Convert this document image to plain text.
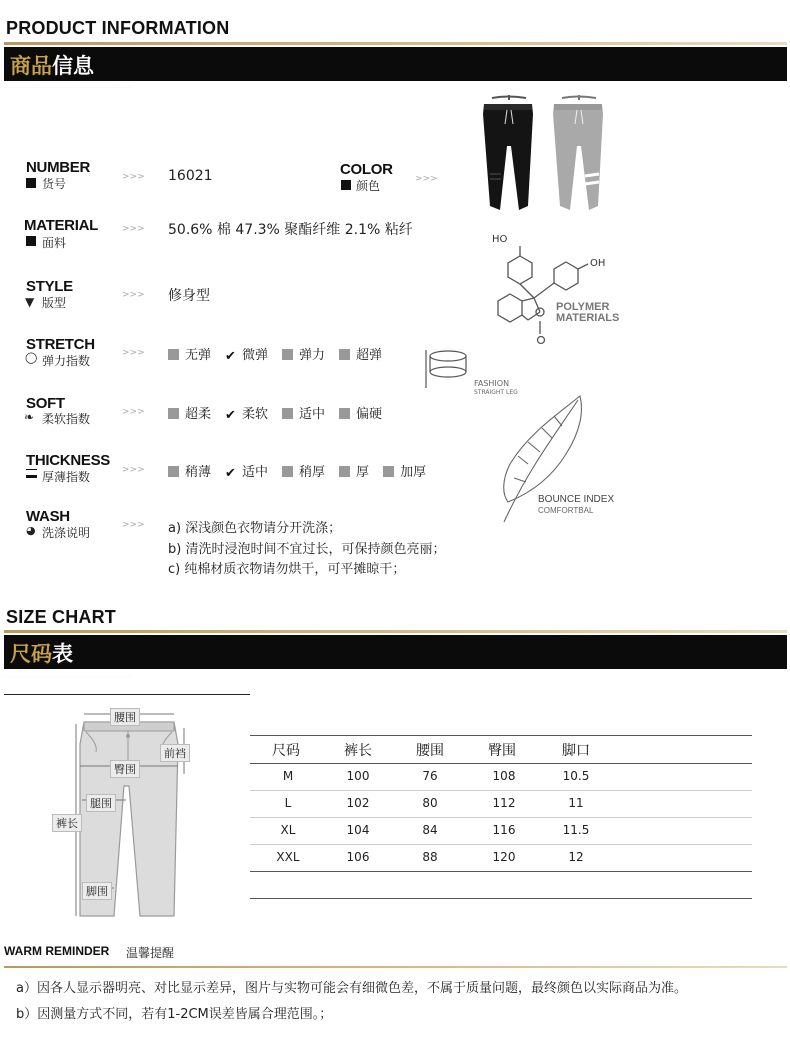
PRODUCT INFORMATION
商品信息
· · · · · · · · · · · · · · · · · · · · · · · · · · · · · · · · · · · · · · · · · · · · · · · · · · · · · · · · · · · · · · · · · · ·
NUMBER
货号	>>> 16021	COLOR
颜色	>>>
MATERIAL
面料
>>> 50.6% 棉 47.3% 聚酯纤维 2.1% 粘纤
HO
OH
POLYMER
MATERIALS
STYLE
▼ 版型
>>> 修身型
STRETCH
◯ 弹力指数
>>>	无弹 ✔ 微弹 弹力 超弹
FASHION
STRAIGHT LEG
SOFT
❧ 柔软指数	>>>	超柔 ✔ 柔软 适中 偏硬
BOUNCE INDEX
COMFORTBAL
THICKNESS
厚薄指数	>>>	稍薄 ✔ 适中 稍厚 厚 加厚
WASH
◕ 洗涤说明
>>> a) 深浅颜色衣物请分开洗涤；
b) 清洗时浸泡时间不宜过长，可保持颜色亮丽；
c) 纯棉材质衣物请勿烘干，可平摊晾干；
SIZE CHART
尺码表
· · · · · · · · · · · · · · · · · · · · · · · · · · · · · · · · · · · · · · · · · · · · · · · · · · · · · · · · · · · · · · · · · · ·
腰围
臀围
前裆
腿围
裤长
脚围
尺码	裤长	腰围	臀围	脚口
M	100	76	108	10.5
L	102	80	112	11
XL	104	84	116	11.5
XXL	106	88	120	12
WARM REMINDER 温馨提醒
a）因各人显示器明亮、对比显示差异，图片与实物可能会有细微色差，不属于质量问题，最终颜色以实际商品为准。
b）因测量方式不同，若有1-2CM误差皆属合理范围。；
